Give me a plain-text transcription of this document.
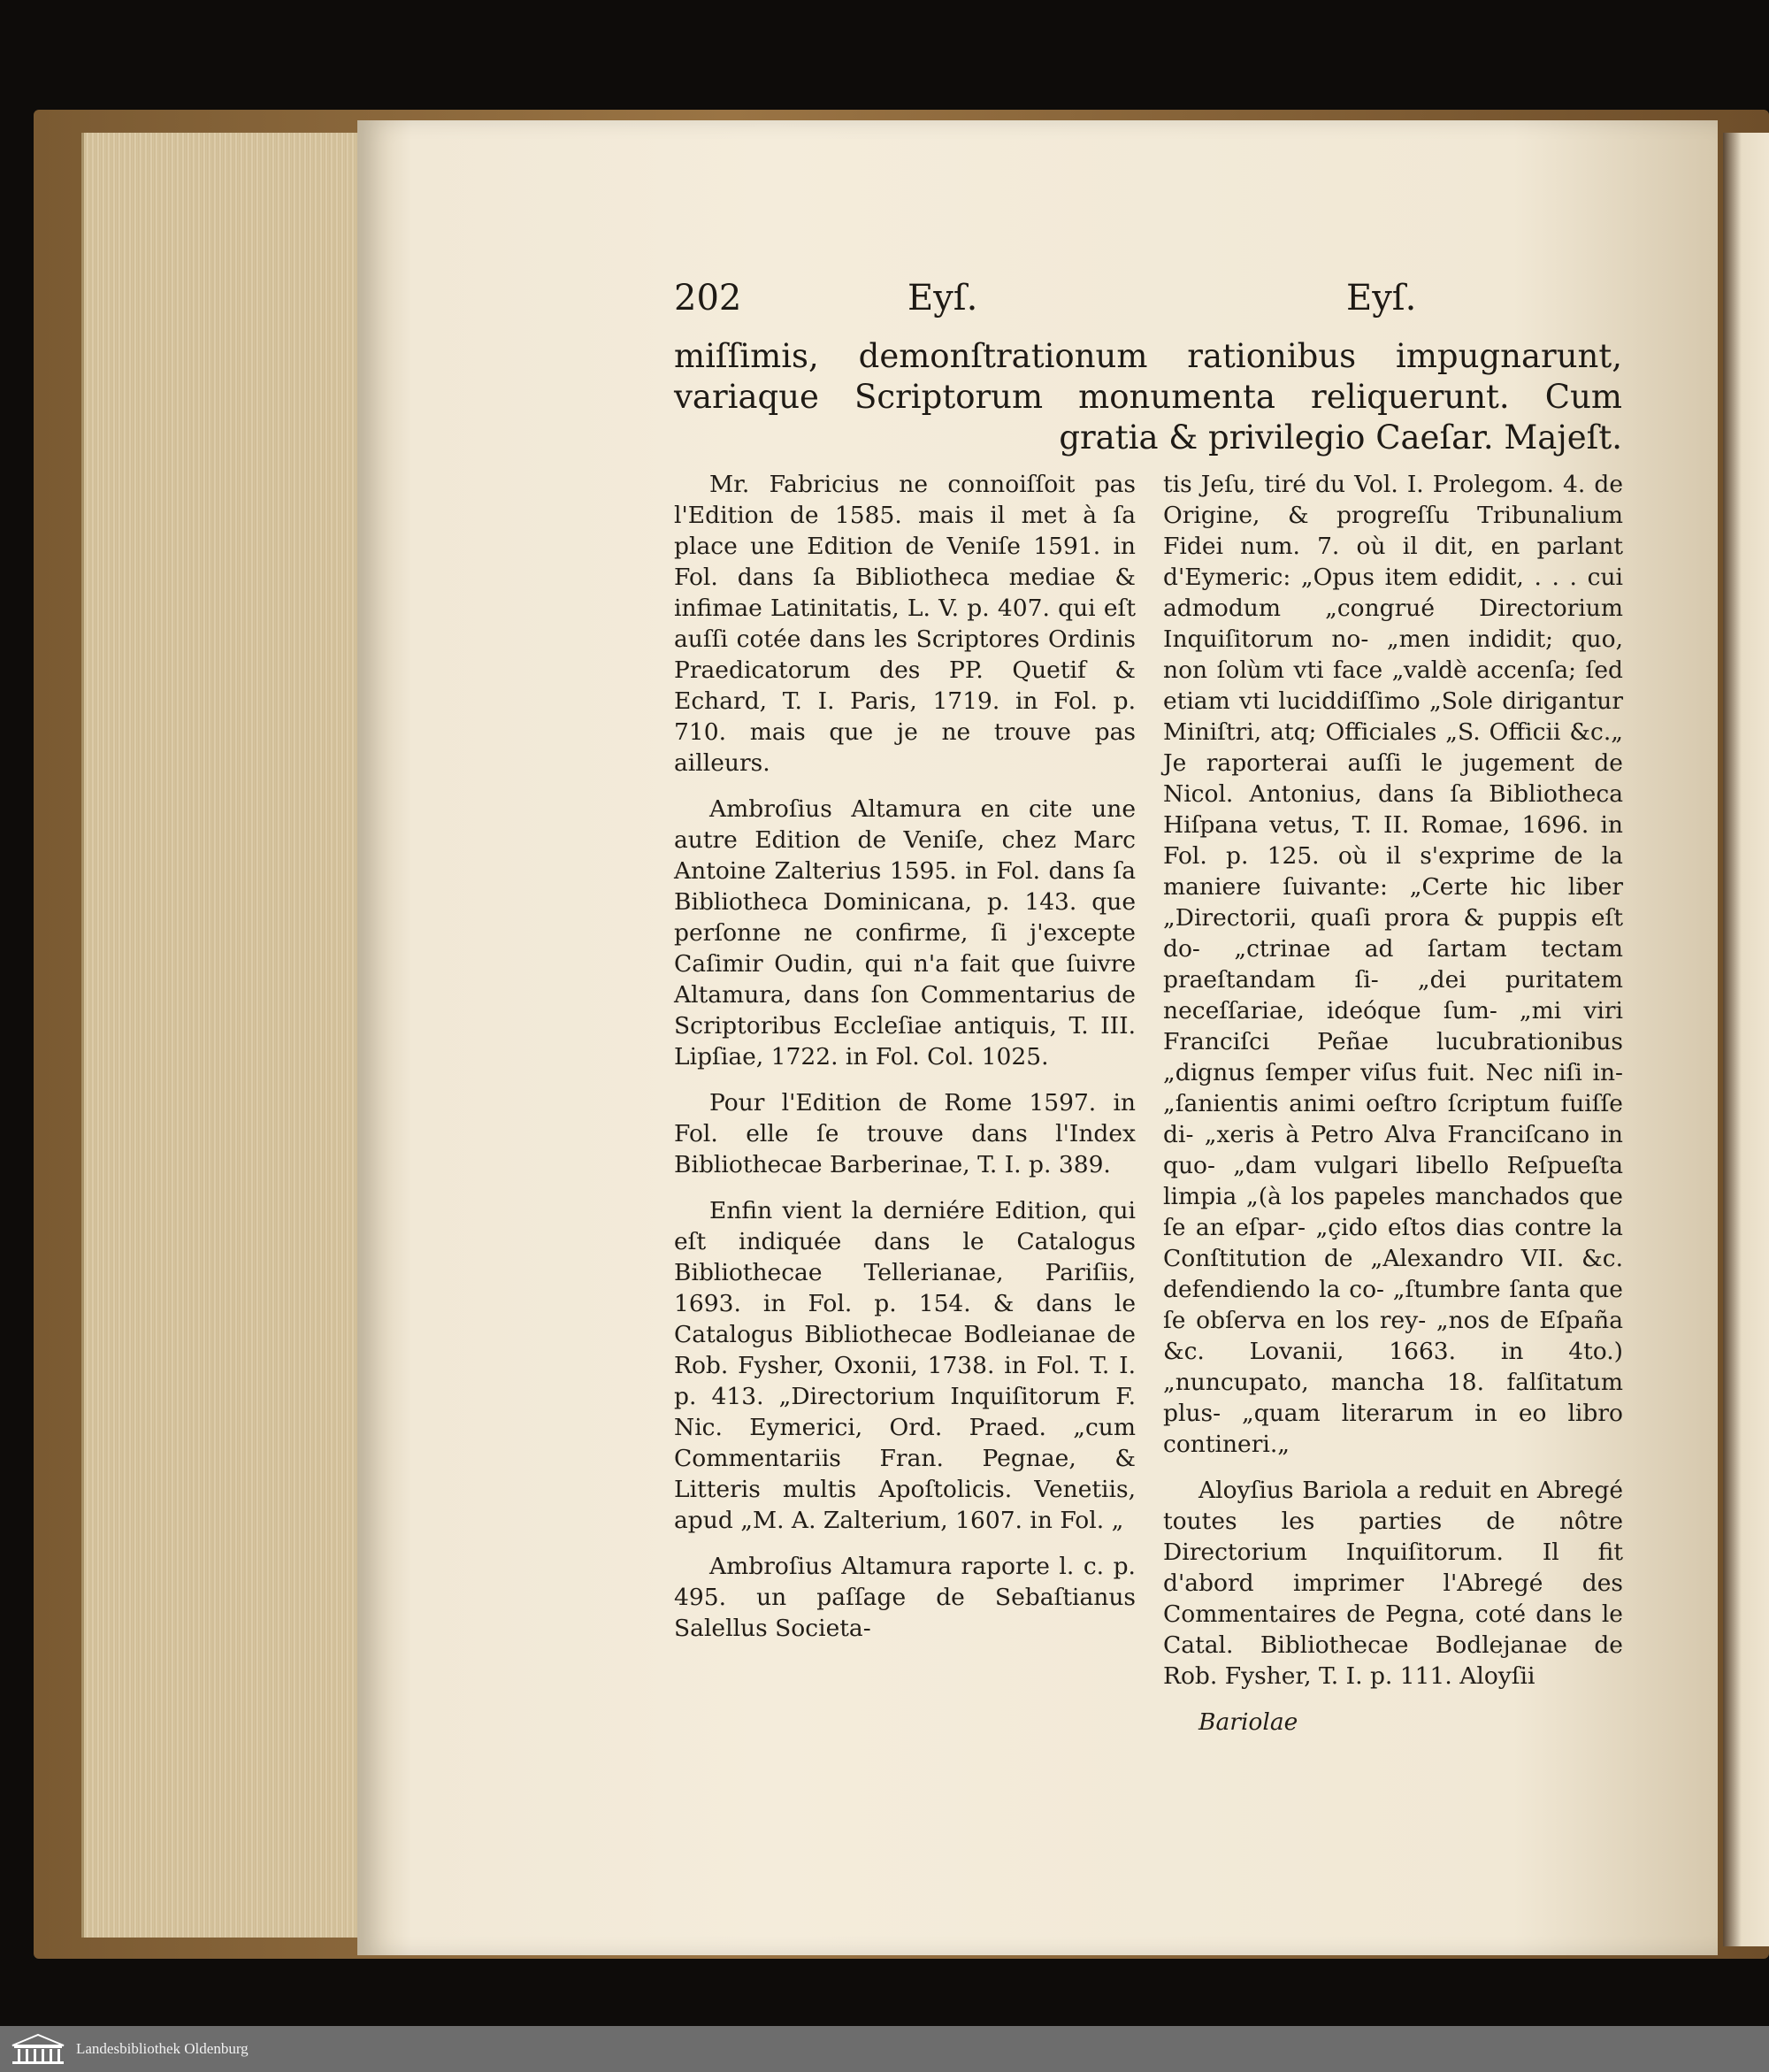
202	Eyſ.	Eyſ.
miſſimis, demonſtrationum rationibus impugnarunt, variaque Scriptorum monumenta reliquerunt. Cum gratia & privilegio Caeſar. Majeſt.

Mr. Fabricius ne connoiſſoit pas l'Edition de 1585. mais il met à ſa place une Edition de Veniſe 1591. in Fol. dans ſa Bibliotheca mediae & infimae Latinitatis, L. V. p. 407. qui eſt auſſi cotée dans les Scriptores Ordinis Praedicatorum des PP. Quetif & Echard, T. I. Paris, 1719. in Fol. p. 710. mais que je ne trouve pas ailleurs.

Ambroſius Altamura en cite une autre Edition de Veniſe, chez Marc Antoine Zalterius 1595. in Fol. dans ſa Bibliotheca Dominicana, p. 143. que perſonne ne confirme, ſi j'excepte Caſimir Oudin, qui n'a fait que ſuivre Altamura, dans ſon Commentarius de Scriptoribus Eccleſiae antiquis, T. III. Lipſiae, 1722. in Fol. Col. 1025.

Pour l'Edition de Rome 1597. in Fol. elle ſe trouve dans l'Index Bibliothecae Barberinae, T. I. p. 389.

Enfin vient la derniére Edition, qui eſt indiquée dans le Catalogus Bibliothecae Tellerianae, Pariſiis, 1693. in Fol. p. 154. & dans le Catalogus Bibliothecae Bodleianae de Rob. Fysher, Oxonii, 1738. in Fol. T. I. p. 413. „Directorium Inquiſitorum F. Nic. Eymerici, Ord. Praed. „cum Commentariis Fran. Pegnae, & Litteris multis Apoſtolicis. Venetiis, apud „M. A. Zalterium, 1607. in Fol. „

Ambroſius Altamura raporte l. c. p. 495. un paſſage de Sebaſtianus Salellus Societa-

tis Jeſu, tiré du Vol. I. Prolegom. 4. de Origine, & progreſſu Tribunalium Fidei num. 7. où il dit, en parlant d'Eymeric: „Opus item edidit, . . . cui admodum „congrué Directorium Inquiſitorum no- „men indidit; quo, non ſolùm vti face „valdè accenſa; ſed etiam vti luciddiſſimo „Sole dirigantur Miniſtri, atq; Officiales „S. Officii &c.„ Je raporterai auſſi le jugement de Nicol. Antonius, dans ſa Bibliotheca Hiſpana vetus, T. II. Romae, 1696. in Fol. p. 125. où il s'exprime de la maniere ſuivante: „Certe hic liber „Directorii, quaſi prora & puppis eſt do- „ctrinae ad ſartam tectam praeſtandam ſi- „dei puritatem neceſſariae, ideóque ſum- „mi viri Franciſci Peñae lucubrationibus „dignus ſemper viſus fuit. Nec niſi in- „ſanientis animi oeſtro ſcriptum fuiſſe di- „xeris à Petro Alva Franciſcano in quo- „dam vulgari libello Reſpueſta limpia „(à los papeles manchados que ſe an eſpar- „çido eſtos dias contre la Conſtitution de „Alexandro VII. &c. defendiendo la co- „ſtumbre ſanta que ſe obſerva en los rey- „nos de Eſpaña &c. Lovanii, 1663. in 4to.) „nuncupato, mancha 18. falſitatum plus- „quam literarum in eo libro contineri.„

Aloyſius Bariola a reduit en Abregé toutes les parties de nôtre Directorium Inquiſitorum. Il fit d'abord imprimer l'Abregé des Commentaires de Pegna, coté dans le Catal. Bibliothecae Bodlejanae de Rob. Fysher, T. I. p. 111. Aloyſii

Bariolae

Landesbibliothek Oldenburg
